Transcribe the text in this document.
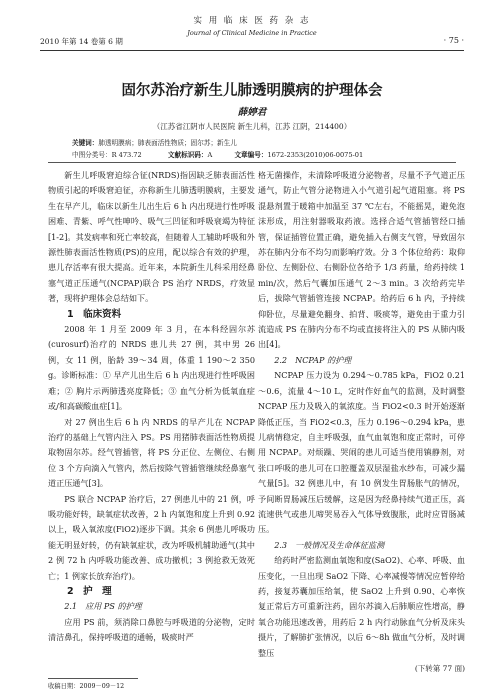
2010 年第 14 卷第 6 期
实 用 临 床 医 药 杂 志
Journal of Clinical Medicine in Practice
· 75 ·
固尔苏治疗新生儿肺透明膜病的护理体会
薛婷君
（江苏省江阴市人民医院 新生儿科，江苏 江阴，214400）
关键词：肺透明膜病；肺表面活性物质；固尔苏；新生儿
中图分类号：R 473.72	文献标识码：A	文章编号：1672-2353(2010)06-0075-01

新生儿呼吸窘迫综合征(NRDS)指因缺乏肺表面活性物质引起的呼吸窘迫征，亦称新生儿肺透明膜病，主要发生在早产儿，临床以新生儿出生后 6 h 内出现进行性呼吸困难、青紫、呼气性呻吟、吸气三凹征和呼吸衰竭为特征[1-2]。其发病率和死亡率较高，但随着人工辅助呼吸和外源性肺表面活性物质(PS)的应用，配以综合有效的护理，患儿存活率有很大提高。近年来，本院新生儿科采用经鼻塞气道正压通气(NCPAP)联合 PS 治疗 NRDS，疗效显著，现将护理体会总结如下。

1　临床资料

2008 年 1 月至 2009 年 3 月，在本科经固尔苏(curosurf)治疗的 NRDS 患儿共 27 例，其中男 26 例，女 11 例，胎龄 39～34 周，体重 1 190～2 350 g。诊断标准：① 早产儿出生后 6 h 内出现进行性呼吸困难；② 胸片示两肺透亮度降低；③ 血气分析为低氧血症或/和高碳酸血症[1]。

对 27 例出生后 6 h 内 NRDS 的早产儿在 NCPAP 治疗的基础上气管内注入 PS。PS 用猪肺表面活性物质提取物固尔苏。经气管插管，将 PS 分正位、左侧位、右侧位 3 个方向滴入气管内，然后按除气管插管继续经鼻塞气道正压通气[3]。

PS 联合 NCPAP 治疗后，27 例患儿中的 21 例，呼吸功能好转，缺氧症状改善，2 h 内氧饱和度上升到 0.92 以上，吸入氧浓度(FiO2)逐步下调。其余 6 例患儿呼吸功能无明显好转，仍有缺氧症状，改为呼吸机辅助通气(其中 2 例 72 h 内呼吸功能改善、成功撤机；3 例抢救无效死亡；1 例家长放弃治疗)。

2　护　理

2.1　应用 PS 的护理

应用 PS 前，须消除口鼻腔与呼吸道的分泌物，定时清洁鼻孔，保持呼吸道的通畅，吸痰时严

格无菌操作，未清除呼吸道分泌物者，尽量不予气道正压通气，防止气管分泌物进入小气道引起气道阻塞。将 PS 混悬剂置于暖箱中加温至 37 ℃左右，不能摇晃，避免泡沫形成，用注射器吸取药液。选择合适气管插管经口插管，保证插管位置正确，避免插入右侧支气管，导致固尔苏在肺内分布不均匀而影响疗效。分 3 个体位给药：取仰卧位、左侧卧位、右侧卧位各给予 1/3 药量，给药持续 1 min/次，然后气囊加压通气 2～3 min。3 次给药完毕后，拔除气管插管连接 NCPAP。给药后 6 h 内，予持续仰卧位，尽量避免翻身、拍背、吸痰等，避免由于重力引流造成 PS 在肺内分布不均或直接将注入的 PS 从肺内吸出[4]。

2.2　NCPAP 的护理

NCPAP 压力设为 0.294～0.785 kPa，FiO2 0.21～0.6，流量 4～10 L，定时作好血气的监测，及时调整 NCPAP 压力及吸入的氧浓度。当 FiO2<0.3 时开始逐渐降低正压，当 FiO2<0.3，压力 0.196～0.294 kPa，患儿病情稳定，自主呼吸强，血气血氧饱和度正常时，可停用 NCPAP。对烦躁、哭闹的患儿可适当使用镇静剂，对张口呼吸的患儿可在口腔覆盖双层湿盐水纱布，可减少漏气量[5]。32 例患儿中，有 10 例发生胃肠胀气的情况，予间断胃肠减压后缓解，这是因为经鼻持续气道正压，高流速供气或患儿啼哭易吞入气体导致腹胀，此时应胃肠减压。

2.3　一般情况及生命体征监测

给药时严密监测血氧饱和度(SaO2)、心率、呼吸、血压变化，一旦出现 SaO2 下降、心率减慢等情况应暂停给药，接复苏囊加压给氧，使 SaO2 上升到 0.90、心率恢复正常后方可重新注药，固尔苏滴入后肺顺应性增高，静氧合功能迅速改善，用药后 2 h 内行动脉血气分析及床头摄片，了解肺扩张情况，以后 6～8h 做血气分析，及时调整压

(下转第 77 面)

收稿日期：2009－09－12
